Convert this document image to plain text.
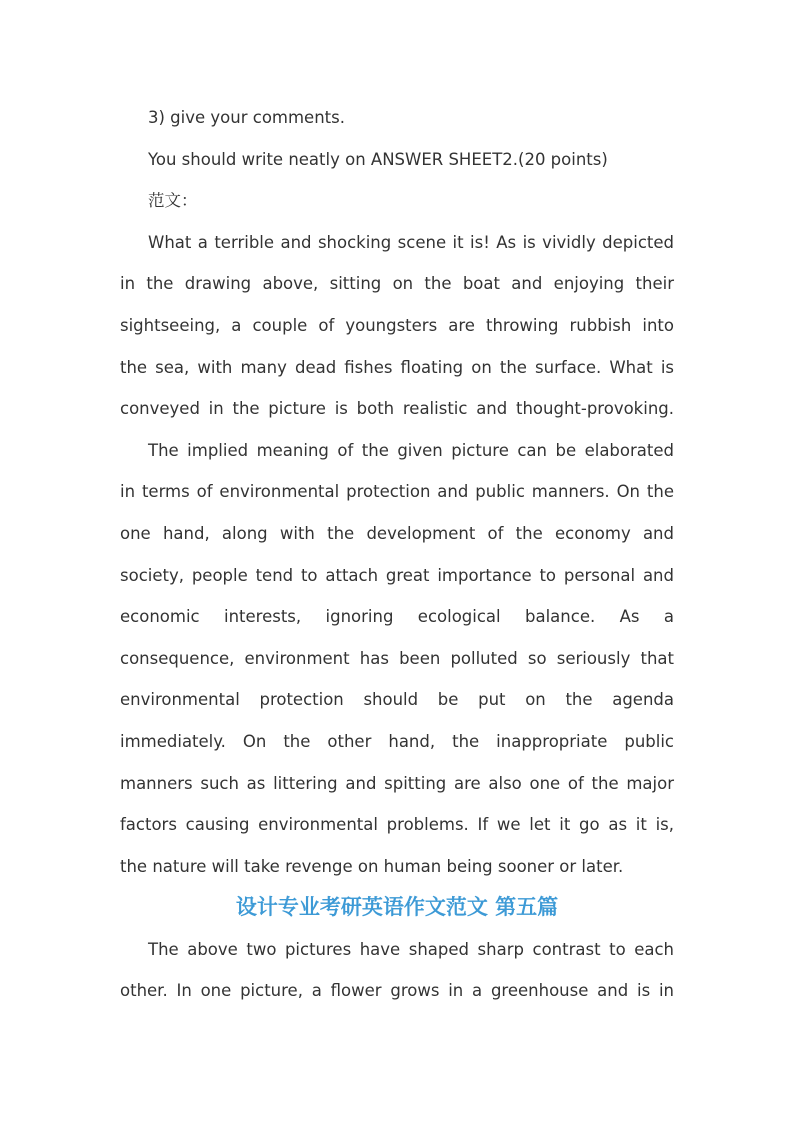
3) give your comments.

You should write neatly on ANSWER SHEET2.(20 points)

范文：

What a terrible and shocking scene it is! As is vividly depicted

in the drawing above, sitting on the boat and enjoying their

sightseeing, a couple of youngsters are throwing rubbish into

the sea, with many dead fishes floating on the surface. What is

conveyed in the picture is both realistic and thought-provoking.

The implied meaning of the given picture can be elaborated

in terms of environmental protection and public manners. On the

one hand, along with the development of the economy and

society, people tend to attach great importance to personal and

economic interests, ignoring ecological balance. As a

consequence, environment has been polluted so seriously that

environmental protection should be put on the agenda

immediately. On the other hand, the inappropriate public

manners such as littering and spitting are also one of the major

factors causing environmental problems. If we let it go as it is,

the nature will take revenge on human being sooner or later.

设计专业考研英语作文范文 第五篇

The above two pictures have shaped sharp contrast to each

other. In one picture, a flower grows in a greenhouse and is in
